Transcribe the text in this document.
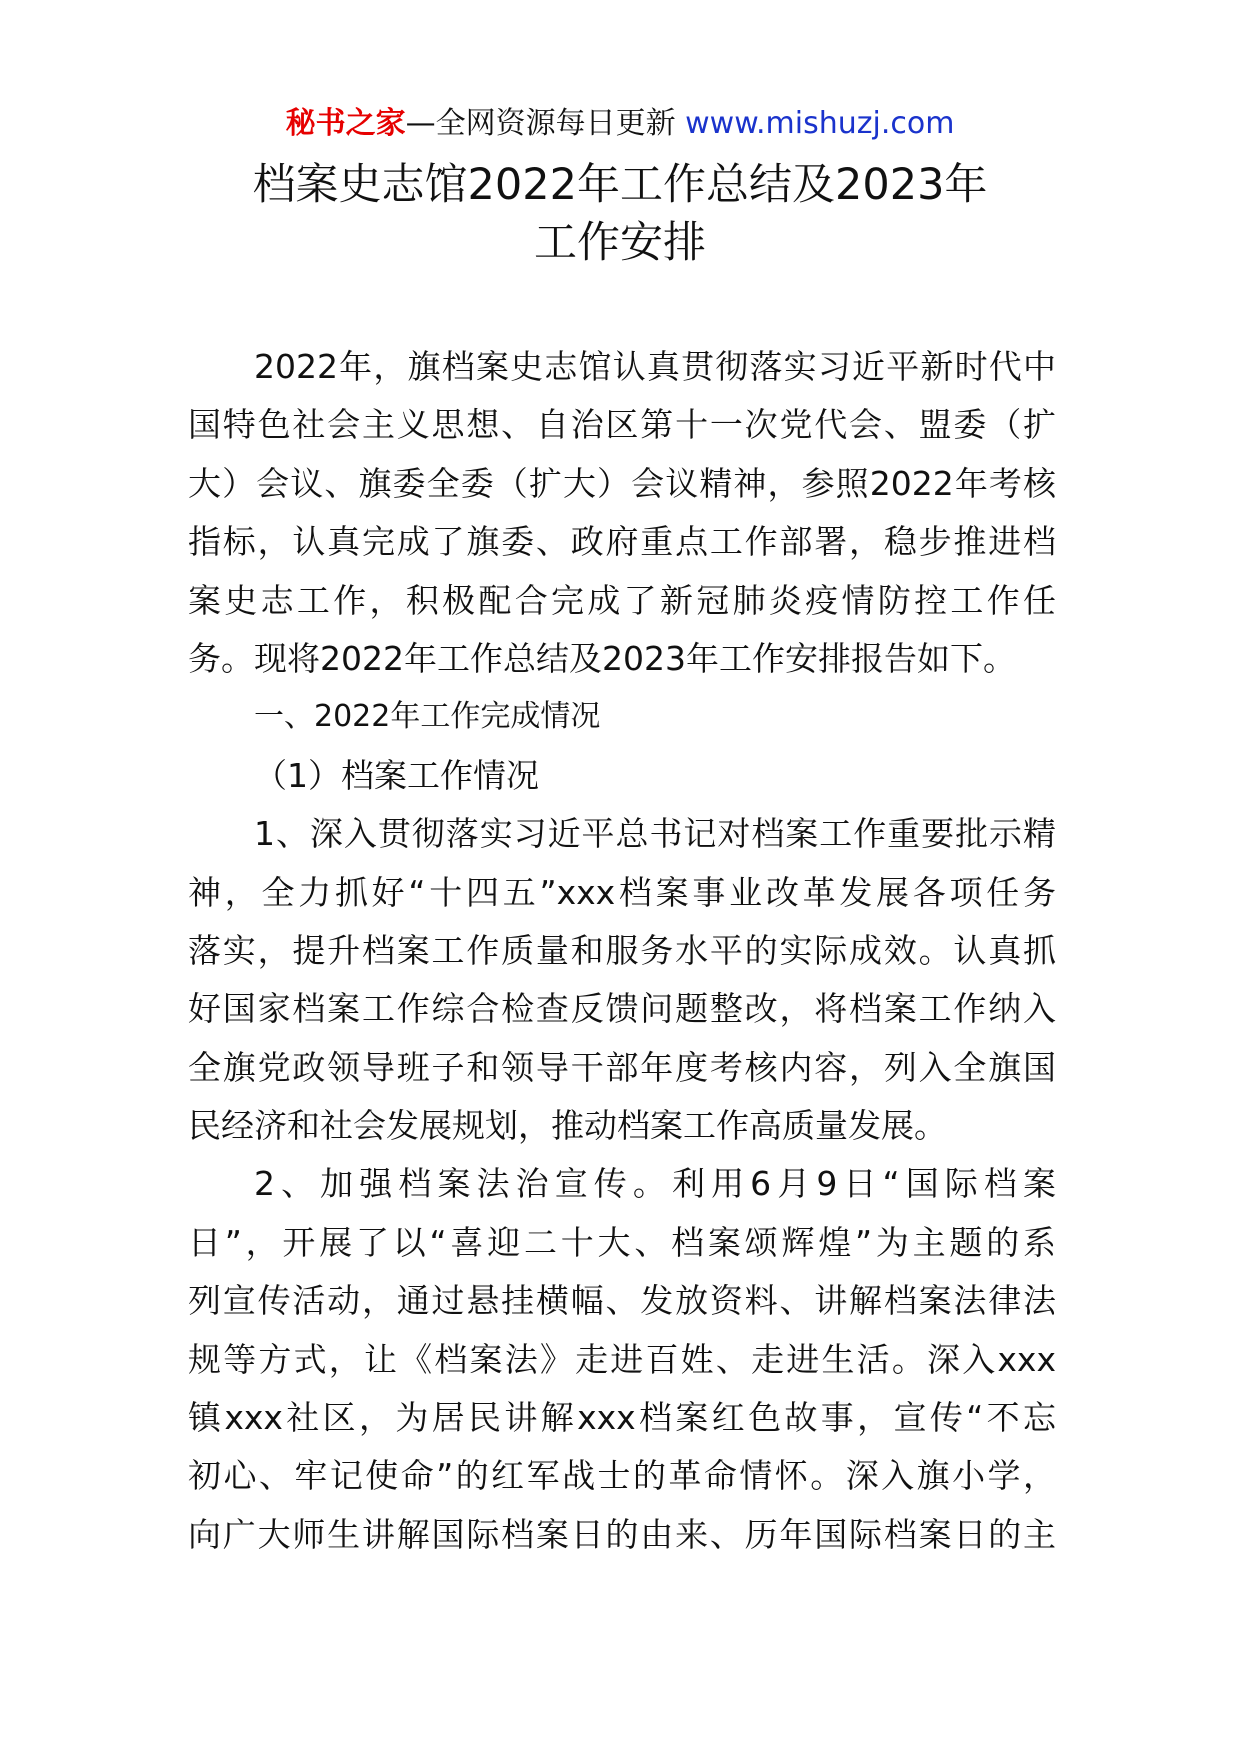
秘书之家—全网资源每日更新 www.mishuzj.com
档案史志馆2022年工作总结及2023年
工作安排
2022年，旗档案史志馆认真贯彻落实习近平新时代中
国特色社会主义思想、自治区第十一次党代会、盟委（扩
大）会议、旗委全委（扩大）会议精神，参照2022年考核
指标，认真完成了旗委、政府重点工作部署，稳步推进档
案史志工作，积极配合完成了新冠肺炎疫情防控工作任
务。现将2022年工作总结及2023年工作安排报告如下。
一、2022年工作完成情况
（1）档案工作情况
1、深入贯彻落实习近平总书记对档案工作重要批示精
神，全力抓好“十四五”xxx档案事业改革发展各项任务
落实，提升档案工作质量和服务水平的实际成效。认真抓
好国家档案工作综合检查反馈问题整改，将档案工作纳入
全旗党政领导班子和领导干部年度考核内容，列入全旗国
民经济和社会发展规划，推动档案工作高质量发展。
2、加强档案法治宣传。利用6月9日“国际档案
日”，开展了以“喜迎二十大、档案颂辉煌”为主题的系
列宣传活动，通过悬挂横幅、发放资料、讲解档案法律法
规等方式，让《档案法》走进百姓、走进生活。深入xxx
镇xxx社区，为居民讲解xxx档案红色故事，宣传“不忘
初心、牢记使命”的红军战士的革命情怀。深入旗小学，
向广大师生讲解国际档案日的由来、历年国际档案日的主
